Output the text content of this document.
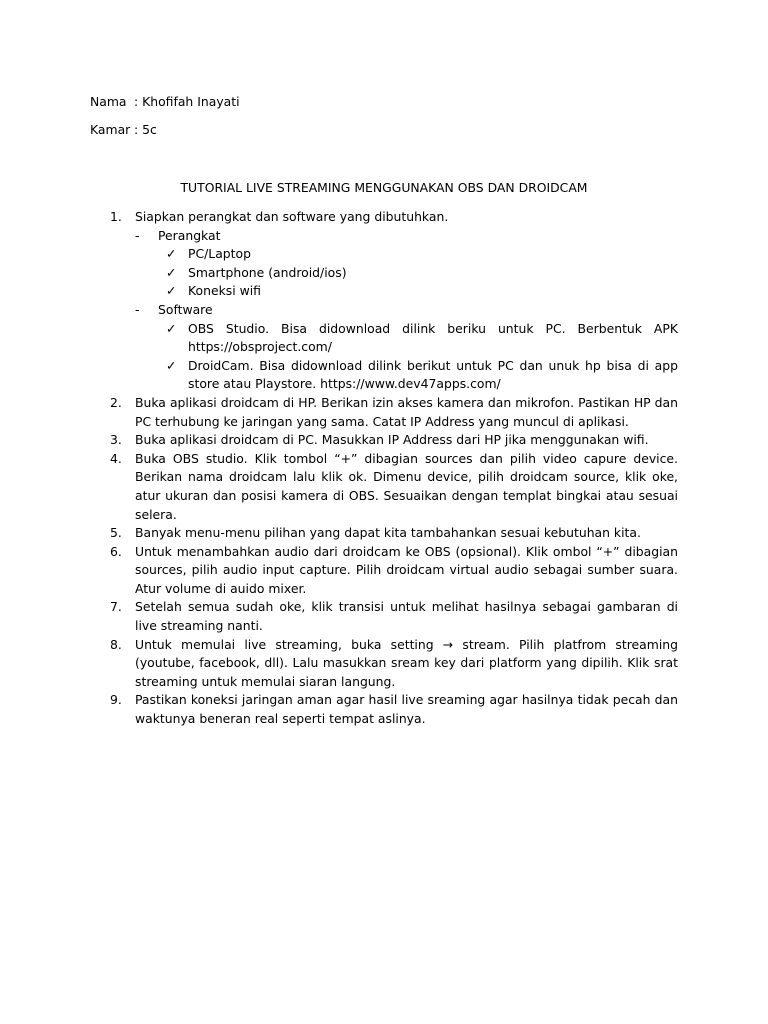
Nama : Khofifah Inayati
Kamar : 5c
TUTORIAL LIVE STREAMING MENGGUNAKAN OBS DAN DROIDCAM
1.	Siapkan perangkat dan software yang dibutuhkan.
- Perangkat
✓ PC/Laptop
✓ Smartphone (android/ios)
✓ Koneksi wifi
- Software
✓ OBS Studio. Bisa didownload dilink beriku untuk PC. Berbentuk APK https://obsproject.com/
✓ DroidCam. Bisa didownload dilink berikut untuk PC dan unuk hp bisa di app store atau Playstore. https://www.dev47apps.com/
2.	Buka aplikasi droidcam di HP. Berikan izin akses kamera dan mikrofon. Pastikan HP dan PC terhubung ke jaringan yang sama. Catat IP Address yang muncul di aplikasi.
3.	Buka aplikasi droidcam di PC. Masukkan IP Address dari HP jika menggunakan wifi.
4.	Buka OBS studio. Klik tombol “+” dibagian sources dan pilih video capure device. Berikan nama droidcam lalu klik ok. Dimenu device, pilih droidcam source, klik oke, atur ukuran dan posisi kamera di OBS. Sesuaikan dengan templat bingkai atau sesuai selera.
5.	Banyak menu-menu pilihan yang dapat kita tambahankan sesuai kebutuhan kita.
6.	Untuk menambahkan audio dari droidcam ke OBS (opsional). Klik ombol “+” dibagian sources, pilih audio input capture. Pilih droidcam virtual audio sebagai sumber suara. Atur volume di auido mixer.
7.	Setelah semua sudah oke, klik transisi untuk melihat hasilnya sebagai gambaran di live streaming nanti.
8.	Untuk memulai live streaming, buka setting → stream. Pilih platfrom streaming (youtube, facebook, dll). Lalu masukkan sream key dari platform yang dipilih. Klik srat streaming untuk memulai siaran langung.
9.	Pastikan koneksi jaringan aman agar hasil live sreaming agar hasilnya tidak pecah dan waktunya beneran real seperti tempat aslinya.
